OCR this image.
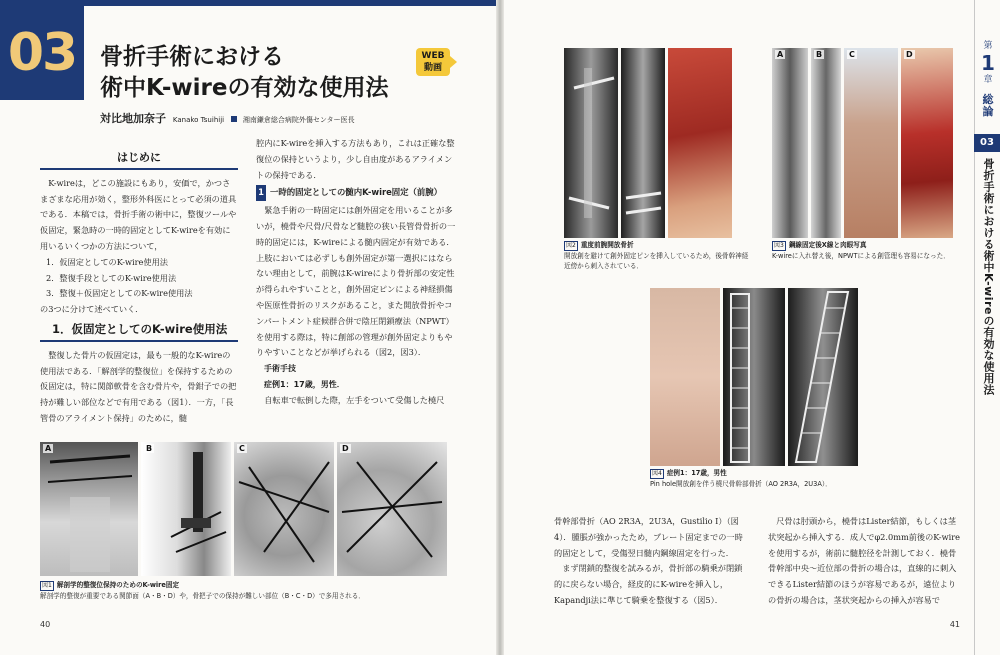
03 骨折手術における
術中K-wireの有効な使用法
WEB
動画
対比地加奈子 Kanako Tsuihiji	湘南鎌倉総合病院外傷センター医長
はじめに

K-wireは，どこの施設にもあり，安価で，かつさまざまな応用が効く，整形外科医にとって必須の道具である．本稿では，骨折手術の術中に，整復ツールや仮固定，緊急時の一時的固定としてK-wireを有効に用いるいくつかの方法について，

1．仮固定としてのK-wire使用法
2．整復手段としてのK-wire使用法
3．整復＋仮固定としてのK-wire使用法

の3つに分けて述べていく．

1．仮固定としてのK-wire使用法

整復した骨片の仮固定は，最も一般的なK-wireの使用法である．「解剖学的整復位」を保持するための仮固定は，特に関節軟骨を含む骨片や，骨鉗子での把持が難しい部位などで有用である（図1）．一方，「長管骨のアライメント保持」のために，髄

腔内にK-wireを挿入する方法もあり，これは正確な整復位の保持というより，少し自由度があるアライメントの保持である．

1 一時的固定としての髄内K-wire固定（前腕）

緊急手術の一時固定には創外固定を用いることが多いが，橈骨や尺骨/尺骨など髄腔の狭い長管骨骨折の一時的固定には，K-wireによる髄内固定が有効である．上肢においては必ずしも創外固定が第一選択にはならない理由として，前腕はK-wireにより骨折部の安定性が得られやすいことと，創外固定ピンによる神経損傷や医原性骨折のリスクがあること，また開放骨折やコンパートメント症候群合併で陰圧閉鎖療法（NPWT）を使用する際は，特に創部の管理が創外固定よりもやりやすいことなどが挙げられる（図2，図3）．

手術手技

症例1：17歳，男性．

自転車で転倒した際，左手をついて受傷した橈尺

A	B	C	D
図1 解剖学的整復位保持のためのK-wire固定
解剖学的整復が重要である関節面（A・B・D）や，骨把子での保持が難しい部位（B・C・D）で多用される．
40
図2 重度前腕開放骨折
開放創を避けて創外固定ピンを挿入しているため，後骨幹神経近傍から刺入されている．
A	B	C	D
図3 鋼線固定後X線と肉眼写真
K-wireに入れ替え後，NPWTによる創管理も容易になった．
図4 症例1：17歳，男性
Pin hole開放創を伴う橈尺骨幹部骨折（AO 2R3A，2U3A）．

骨幹部骨折（AO 2R3A，2U3A，Gustilio Ⅰ）（図4）．腫脹が強かったため，プレート固定までの一時的固定として，受傷翌日髄内鋼線固定を行った．

まず閉鎖的整復を試みるが，骨折部の騎乗が閉鎖的に戻らない場合，経皮的にK-wireを挿入し，Kapandji法に準じて騎乗を整復する（図5）．

尺骨は肘頭から，橈骨はLister結節，もしくは茎状突起から挿入する．成人でφ2.0mm前後のK-wireを使用するが，術前に髄腔径を計測しておく．橈骨骨幹部中央～近位部の骨折の場合は，直線的に刺入できるLister結節のほうが容易であるが，遠位よりの骨折の場合は，茎状突起からの挿入が容易で

41
第
1
章
総論
03
骨折手術における術中K-wireの有効な使用法
